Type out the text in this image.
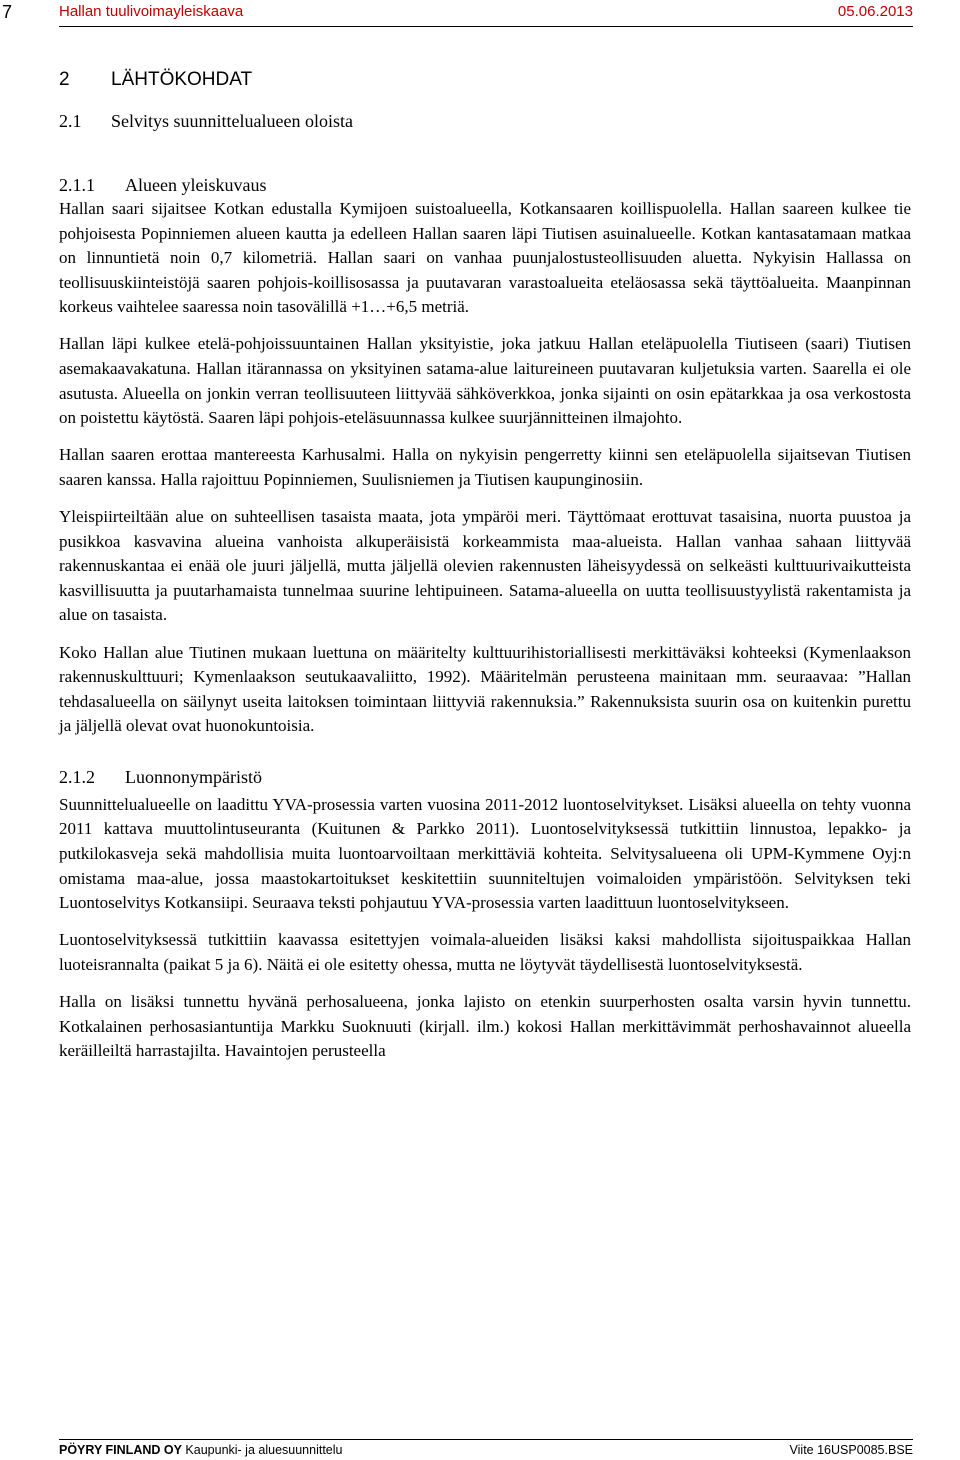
7	Hallan tuulivoimayleiskaava	05.06.2013
2 LÄHTÖKOHDAT
2.1 Selvitys suunnittelualueen oloista
2.1.1 Alueen yleiskuvaus

Hallan saari sijaitsee Kotkan edustalla Kymijoen suistoalueella, Kotkansaaren koillispuolella. Hallan saareen kulkee tie pohjoisesta Popinniemen alueen kautta ja edelleen Hallan saaren läpi Tiutisen asuinalueelle. Kotkan kantasatamaan matkaa on linnuntietä noin 0,7 kilometriä. Hallan saari on vanhaa puunjalostusteollisuuden aluetta. Nykyisin Hallassa on teollisuuskiinteistöjä saaren pohjois-koillisosassa ja puutavaran varastoalueita eteläosassa sekä täyttöalueita. Maanpinnan korkeus vaihtelee saaressa noin tasovälillä +1…+6,5 metriä.

Hallan läpi kulkee etelä-pohjoissuuntainen Hallan yksityistie, joka jatkuu Hallan eteläpuolella Tiutiseen (saari) Tiutisen asemakaavakatuna. Hallan itärannassa on yksityinen satama-alue laitureineen puutavaran kuljetuksia varten. Saarella ei ole asutusta. Alueella on jonkin verran teollisuuteen liittyvää sähköverkkoa, jonka sijainti on osin epätarkkaa ja osa verkostosta on poistettu käytöstä. Saaren läpi pohjois-eteläsuunnassa kulkee suurjännitteinen ilmajohto.

Hallan saaren erottaa mantereesta Karhusalmi. Halla on nykyisin pengerretty kiinni sen eteläpuolella sijaitsevan Tiutisen saaren kanssa. Halla rajoittuu Popinniemen, Suulisniemen ja Tiutisen kaupunginosiin.

Yleispiirteiltään alue on suhteellisen tasaista maata, jota ympäröi meri. Täyttömaat erottuvat tasaisina, nuorta puustoa ja pusikkoa kasvavina alueina vanhoista alkuperäisistä korkeammista maa-alueista. Hallan vanhaa sahaan liittyvää rakennuskantaa ei enää ole juuri jäljellä, mutta jäljellä olevien rakennusten läheisyydessä on selkeästi kulttuurivaikutteista kasvillisuutta ja puutarhamaista tunnelmaa suurine lehtipuineen. Satama-alueella on uutta teollisuustyylistä rakentamista ja alue on tasaista.

Koko Hallan alue Tiutinen mukaan luettuna on määritelty kulttuurihistoriallisesti merkittäväksi kohteeksi (Kymenlaakson rakennuskulttuuri; Kymenlaakson seutukaavaliitto, 1992). Määritelmän perusteena mainitaan mm. seuraavaa: ”Hallan tehdasalueella on säilynyt useita laitoksen toimintaan liittyviä rakennuksia.” Rakennuksista suurin osa on kuitenkin purettu ja jäljellä olevat ovat huonokuntoisia.

2.1.2 Luonnonympäristö

Suunnittelualueelle on laadittu YVA-prosessia varten vuosina 2011-2012 luontoselvitykset. Lisäksi alueella on tehty vuonna 2011 kattava muuttolintuseuranta (Kuitunen & Parkko 2011). Luontoselvityksessä tutkittiin linnustoa, lepakko- ja putkilokasveja sekä mahdollisia muita luontoarvoiltaan merkittäviä kohteita. Selvitysalueena oli UPM-Kymmene Oyj:n omistama maa-alue, jossa maastokartoitukset keskitettiin suunniteltujen voimaloiden ympäristöön. Selvityksen teki Luontoselvitys Kotkansiipi. Seuraava teksti pohjautuu YVA-prosessia varten laadittuun luontoselvitykseen.

Luontoselvityksessä tutkittiin kaavassa esitettyjen voimala-alueiden lisäksi kaksi mahdollista sijoituspaikkaa Hallan luoteisrannalta (paikat 5 ja 6). Näitä ei ole esitetty ohessa, mutta ne löytyvät täydellisestä luontoselvityksestä.

Halla on lisäksi tunnettu hyvänä perhosalueena, jonka lajisto on etenkin suurperhosten osalta varsin hyvin tunnettu. Kotkalainen perhosasiantuntija Markku Suoknuuti (kirjall. ilm.) kokosi Hallan merkittävimmät perhoshavainnot alueella keräilleiltä harrastajilta. Havaintojen perusteella

PÖYRY FINLAND OY Kaupunki- ja aluesuunnittelu	Viite 16USP0085.BSE
